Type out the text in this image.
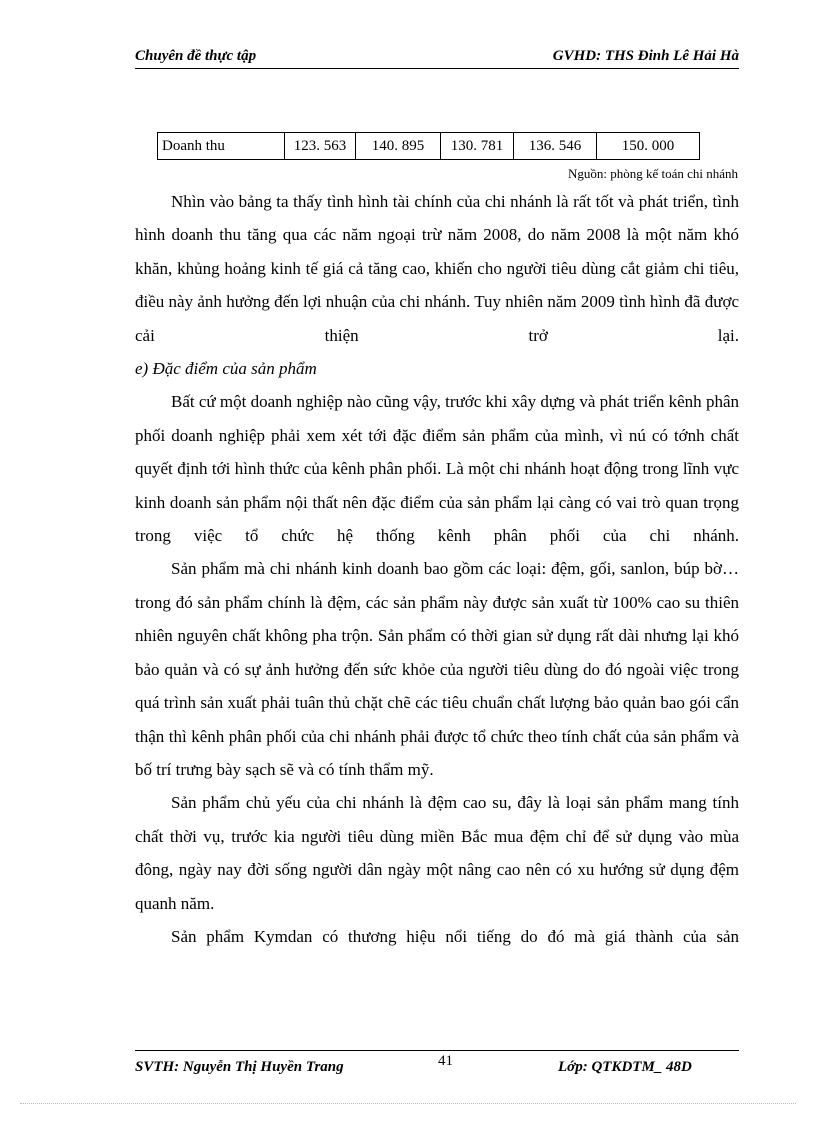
Chuyên đề thực tập	GVHD: THS Đinh Lê Hải Hà
Doanh thu	123. 563	140. 895	130. 781	136. 546	150. 000
Nguồn: phòng kế toán chi nhánh

Nhìn vào bảng ta thấy tình hình tài chính của chi nhánh là rất tốt và phát triển, tình hình doanh thu tăng qua các năm ngoại trừ năm 2008, do năm 2008 là một năm khó khăn, khủng hoảng kinh tế giá cả tăng cao, khiến cho người tiêu dùng cắt giảm chi tiêu, điều này ảnh hưởng đến lợi nhuận của chi nhánh. Tuy nhiên năm 2009 tình hình đã được cải thiện trở lại.

e) Đặc điểm của sản phẩm

Bất cứ một doanh nghiệp nào cũng vậy, trước khi xây dựng và phát triển kênh phân phối doanh nghiệp phải xem xét tới đặc điểm sản phẩm của mình, vì nú có tớnh chất quyết định tới hình thức của kênh phân phối. Là một chi nhánh hoạt động trong lĩnh vực kinh doanh sản phẩm nội thất nên đặc điểm của sản phẩm lại càng có vai trò quan trọng trong việc tổ chức hệ thống kênh phân phối của chi nhánh.

Sản phẩm mà chi nhánh kinh doanh bao gồm các loại: đệm, gối, sanlon, búp bờ…trong đó sản phẩm chính là đệm, các sản phẩm này được sản xuất từ 100% cao su thiên nhiên nguyên chất không pha trộn. Sản phẩm có thời gian sử dụng rất dài nhưng lại khó bảo quản và có sự ảnh hưởng đến sức khỏe của người tiêu dùng do đó ngoài việc trong quá trình sản xuất phải tuân thủ chặt chẽ các tiêu chuẩn chất lượng bảo quản bao gói cẩn thận thì kênh phân phối của chi nhánh phải được tổ chức theo tính chất của sản phẩm và bố trí trưng bày sạch sẽ và có tính thẩm mỹ.

Sản phẩm chủ yếu của chi nhánh là đệm cao su, đây là loại sản phẩm mang tính chất thời vụ, trước kia người tiêu dùng miền Bắc mua đệm chỉ để sử dụng vào mùa đông, ngày nay đời sống người dân ngày một nâng cao nên có xu hướng sử dụng đệm quanh năm.

Sản phẩm Kymdan có thương hiệu nổi tiếng do đó mà giá thành của sản

SVTH: Nguyễn Thị Huyền Trang	41	Lớp: QTKDTM_ 48D
